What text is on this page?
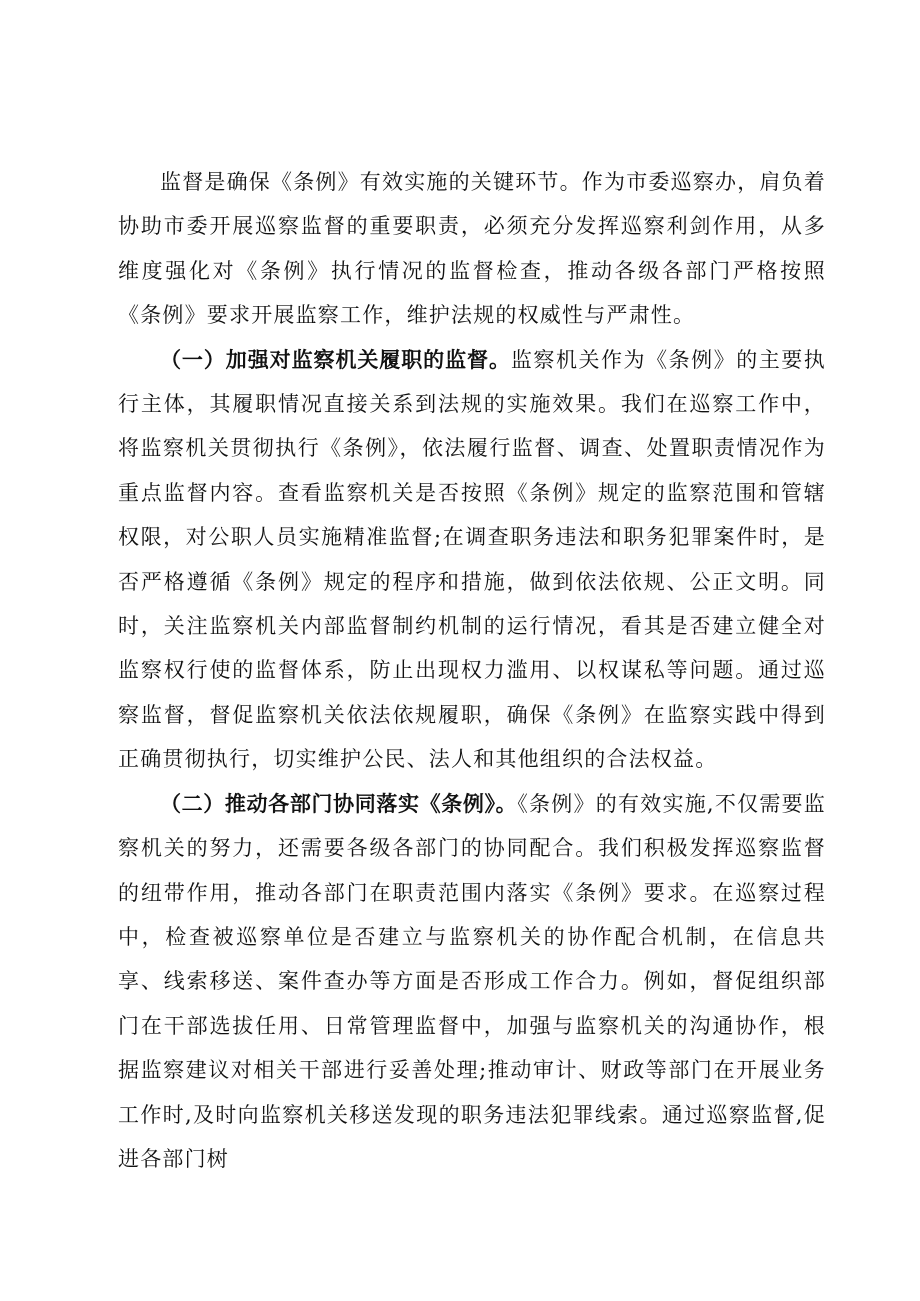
监督是确保《条例》有效实施的关键环节。作为市委巡察办，肩负着协助市委开展巡察监督的重要职责，必须充分发挥巡察利剑作用，从多维度强化对《条例》执行情况的监督检查，推动各级各部门严格按照《条例》要求开展监察工作，维护法规的权威性与严肃性。

（一）加强对监察机关履职的监督。监察机关作为《条例》的主要执行主体，其履职情况直接关系到法规的实施效果。我们在巡察工作中，将监察机关贯彻执行《条例》，依法履行监督、调查、处置职责情况作为重点监督内容。查看监察机关是否按照《条例》规定的监察范围和管辖权限，对公职人员实施精准监督;在调查职务违法和职务犯罪案件时，是否严格遵循《条例》规定的程序和措施，做到依法依规、公正文明。同时，关注监察机关内部监督制约机制的运行情况，看其是否建立健全对监察权行使的监督体系，防止出现权力滥用、以权谋私等问题。通过巡察监督，督促监察机关依法依规履职，确保《条例》在监察实践中得到正确贯彻执行，切实维护公民、法人和其他组织的合法权益。

（二）推动各部门协同落实《条例》。《条例》的有效实施,不仅需要监察机关的努力，还需要各级各部门的协同配合。我们积极发挥巡察监督的纽带作用，推动各部门在职责范围内落实《条例》要求。在巡察过程中，检查被巡察单位是否建立与监察机关的协作配合机制，在信息共享、线索移送、案件查办等方面是否形成工作合力。例如，督促组织部门在干部选拔任用、日常管理监督中，加强与监察机关的沟通协作，根据监察建议对相关干部进行妥善处理;推动审计、财政等部门在开展业务工作时,及时向监察机关移送发现的职务违法犯罪线索。通过巡察监督,促进各部门树
